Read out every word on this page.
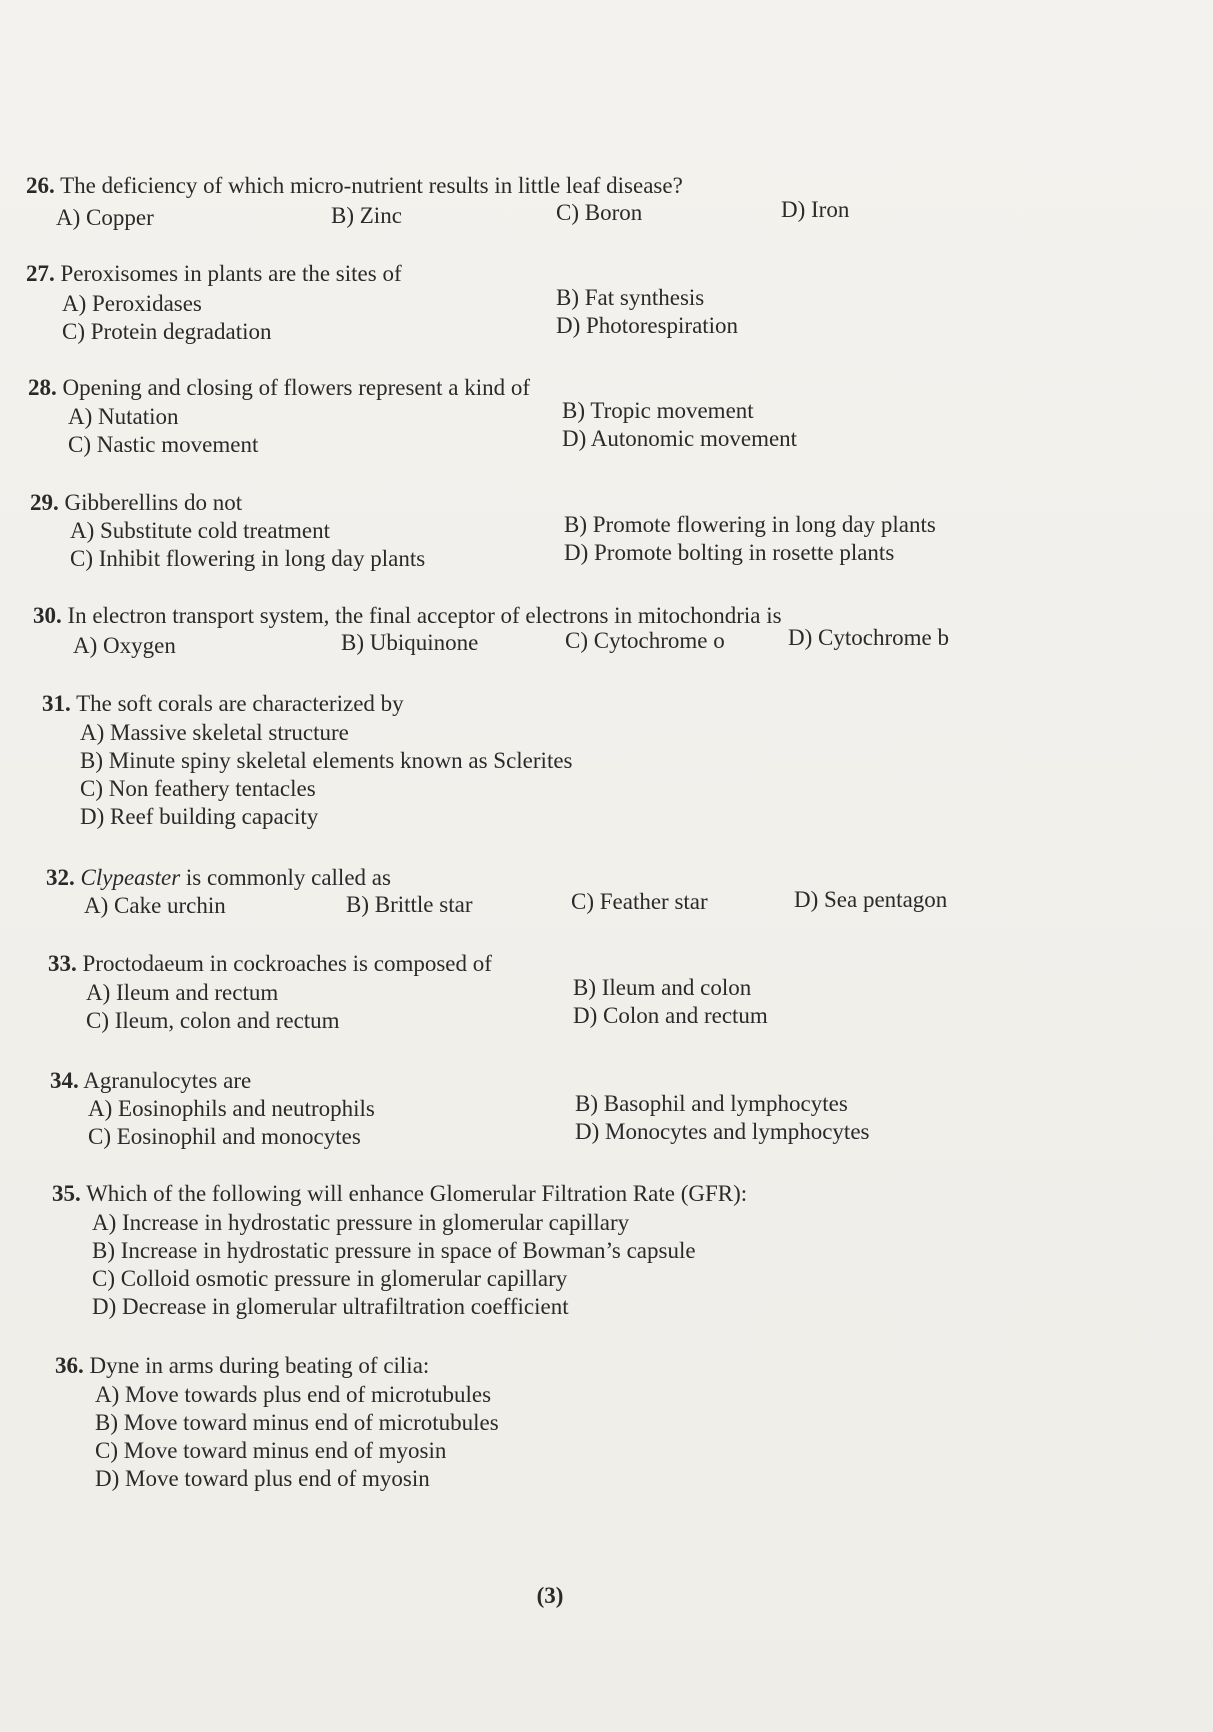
26. The deficiency of which micro-nutrient results in little leaf disease?
A) Copper	B) Zinc	C) Boron	D) Iron
27. Peroxisomes in plants are the sites of
A) Peroxidases	B) Fat synthesis
C) Protein degradation	D) Photorespiration
28. Opening and closing of flowers represent a kind of
A) Nutation	B) Tropic movement
C) Nastic movement	D) Autonomic movement
29. Gibberellins do not
A) Substitute cold treatment	B) Promote flowering in long day plants
C) Inhibit flowering in long day plants	D) Promote bolting in rosette plants
30. In electron transport system, the final acceptor of electrons in mitochondria is
A) Oxygen	B) Ubiquinone	C) Cytochrome o	D) Cytochrome b
31. The soft corals are characterized by
A) Massive skeletal structure
B) Minute spiny skeletal elements known as Sclerites
C) Non feathery tentacles
D) Reef building capacity
32. Clypeaster is commonly called as
A) Cake urchin	B) Brittle star	C) Feather star	D) Sea pentagon
33. Proctodaeum in cockroaches is composed of
A) Ileum and rectum	B) Ileum and colon
C) Ileum, colon and rectum	D) Colon and rectum
34. Agranulocytes are
A) Eosinophils and neutrophils	B) Basophil and lymphocytes
C) Eosinophil and monocytes	D) Monocytes and lymphocytes
35. Which of the following will enhance Glomerular Filtration Rate (GFR):
A) Increase in hydrostatic pressure in glomerular capillary
B) Increase in hydrostatic pressure in space of Bowman’s capsule
C) Colloid osmotic pressure in glomerular capillary
D) Decrease in glomerular ultrafiltration coefficient
36. Dyne in arms during beating of cilia:
A) Move towards plus end of microtubules
B) Move toward minus end of microtubules
C) Move toward minus end of myosin
D) Move toward plus end of myosin
(3)
